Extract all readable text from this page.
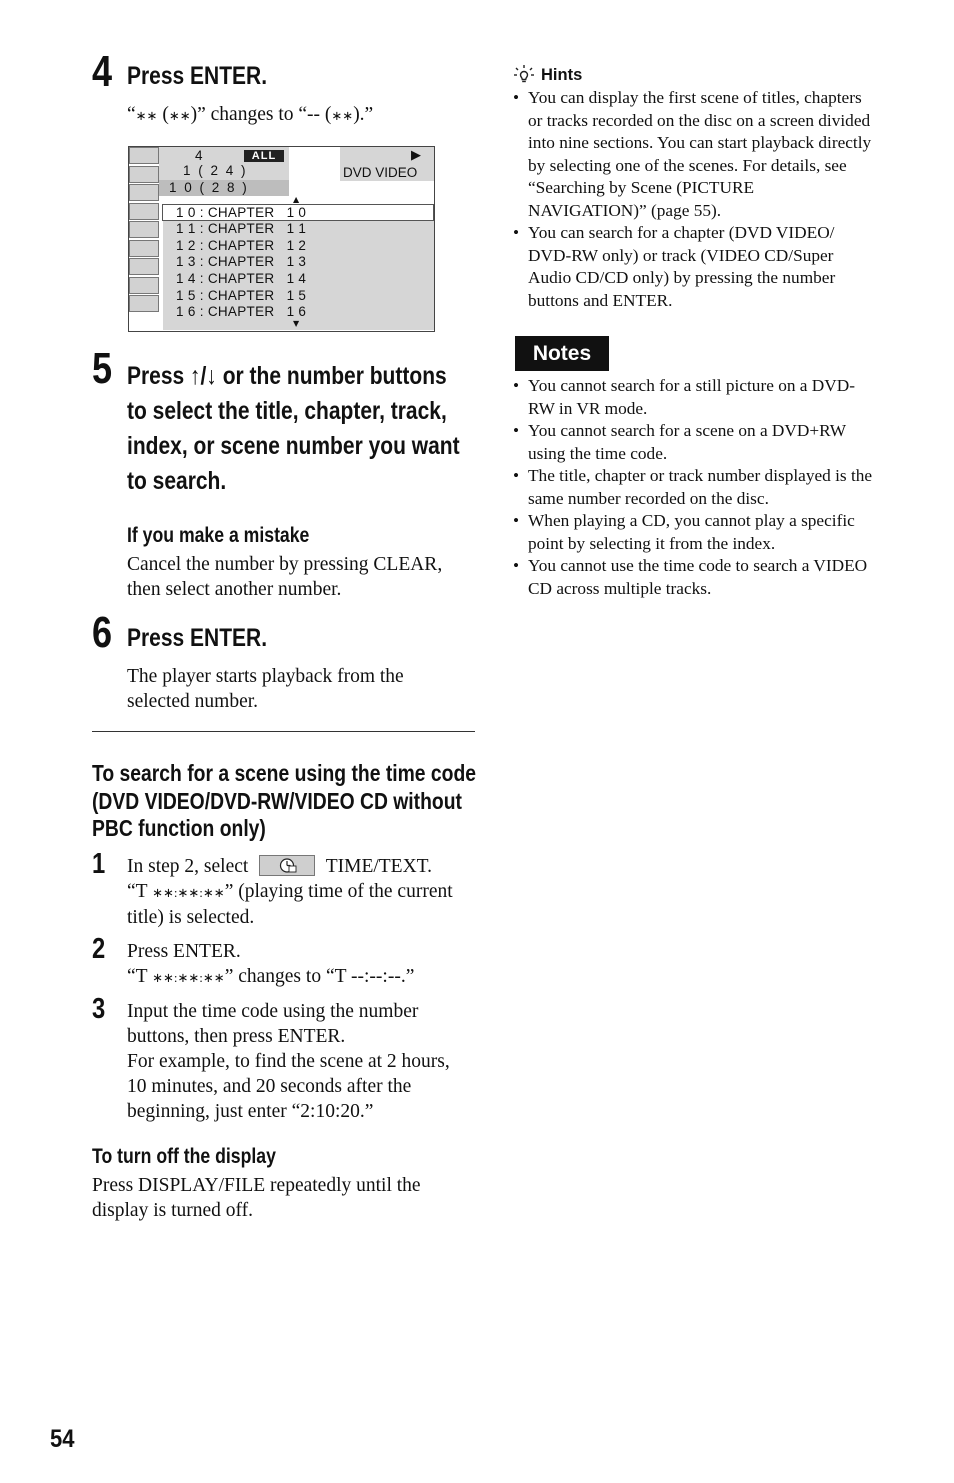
4 Press ENTER.
“∗∗ (∗∗)” changes to “-- (∗∗).”
4	ALL
1 ( 2 4 )
1 0 ( 2 8 )
▶
DVD VIDEO
▲
1 0 : CHAPTER   1 0
1 1 : CHAPTER   1 1
1 2 : CHAPTER   1 2
1 3 : CHAPTER   1 3
1 4 : CHAPTER   1 4
1 5 : CHAPTER   1 5
1 6 : CHAPTER   1 6
▼
5 Press ↑/↓ or the number buttons
to select the title, chapter, track,
index, or scene number you want
to search.
If you make a mistake
Cancel the number by pressing CLEAR,
then select another number.
6 Press ENTER.
The player starts playback from the
selected number.
To search for a scene using the time code
(DVD VIDEO/DVD-RW/VIDEO CD without
PBC function only)
1 In step 2, select	TIME/TEXT.
“T ∗∗:∗∗:∗∗” (playing time of the current
title) is selected.
2 Press ENTER.
“T ∗∗:∗∗:∗∗” changes to “T --:--:--.”
3 Input the time code using the number
buttons, then press ENTER.
For example, to find the scene at 2 hours,
10 minutes, and 20 seconds after the
beginning, just enter “2:10:20.”
To turn off the display
Press DISPLAY/FILE repeatedly until the
display is turned off.
54
Hints
• You can display the first scene of titles, chapters
or tracks recorded on the disc on a screen divided
into nine sections. You can start playback directly
by selecting one of the scenes. For details, see
“Searching by Scene (PICTURE
NAVIGATION)” (page 55).
• You can search for a chapter (DVD VIDEO/
DVD-RW only) or track (VIDEO CD/Super
Audio CD/CD only) by pressing the number
buttons and ENTER.
Notes
• You cannot search for a still picture on a DVD-
RW in VR mode.
• You cannot search for a scene on a DVD+RW
using the time code.
• The title, chapter or track number displayed is the
same number recorded on the disc.
• When playing a CD, you cannot play a specific
point by selecting it from the index.
• You cannot use the time code to search a VIDEO
CD across multiple tracks.
